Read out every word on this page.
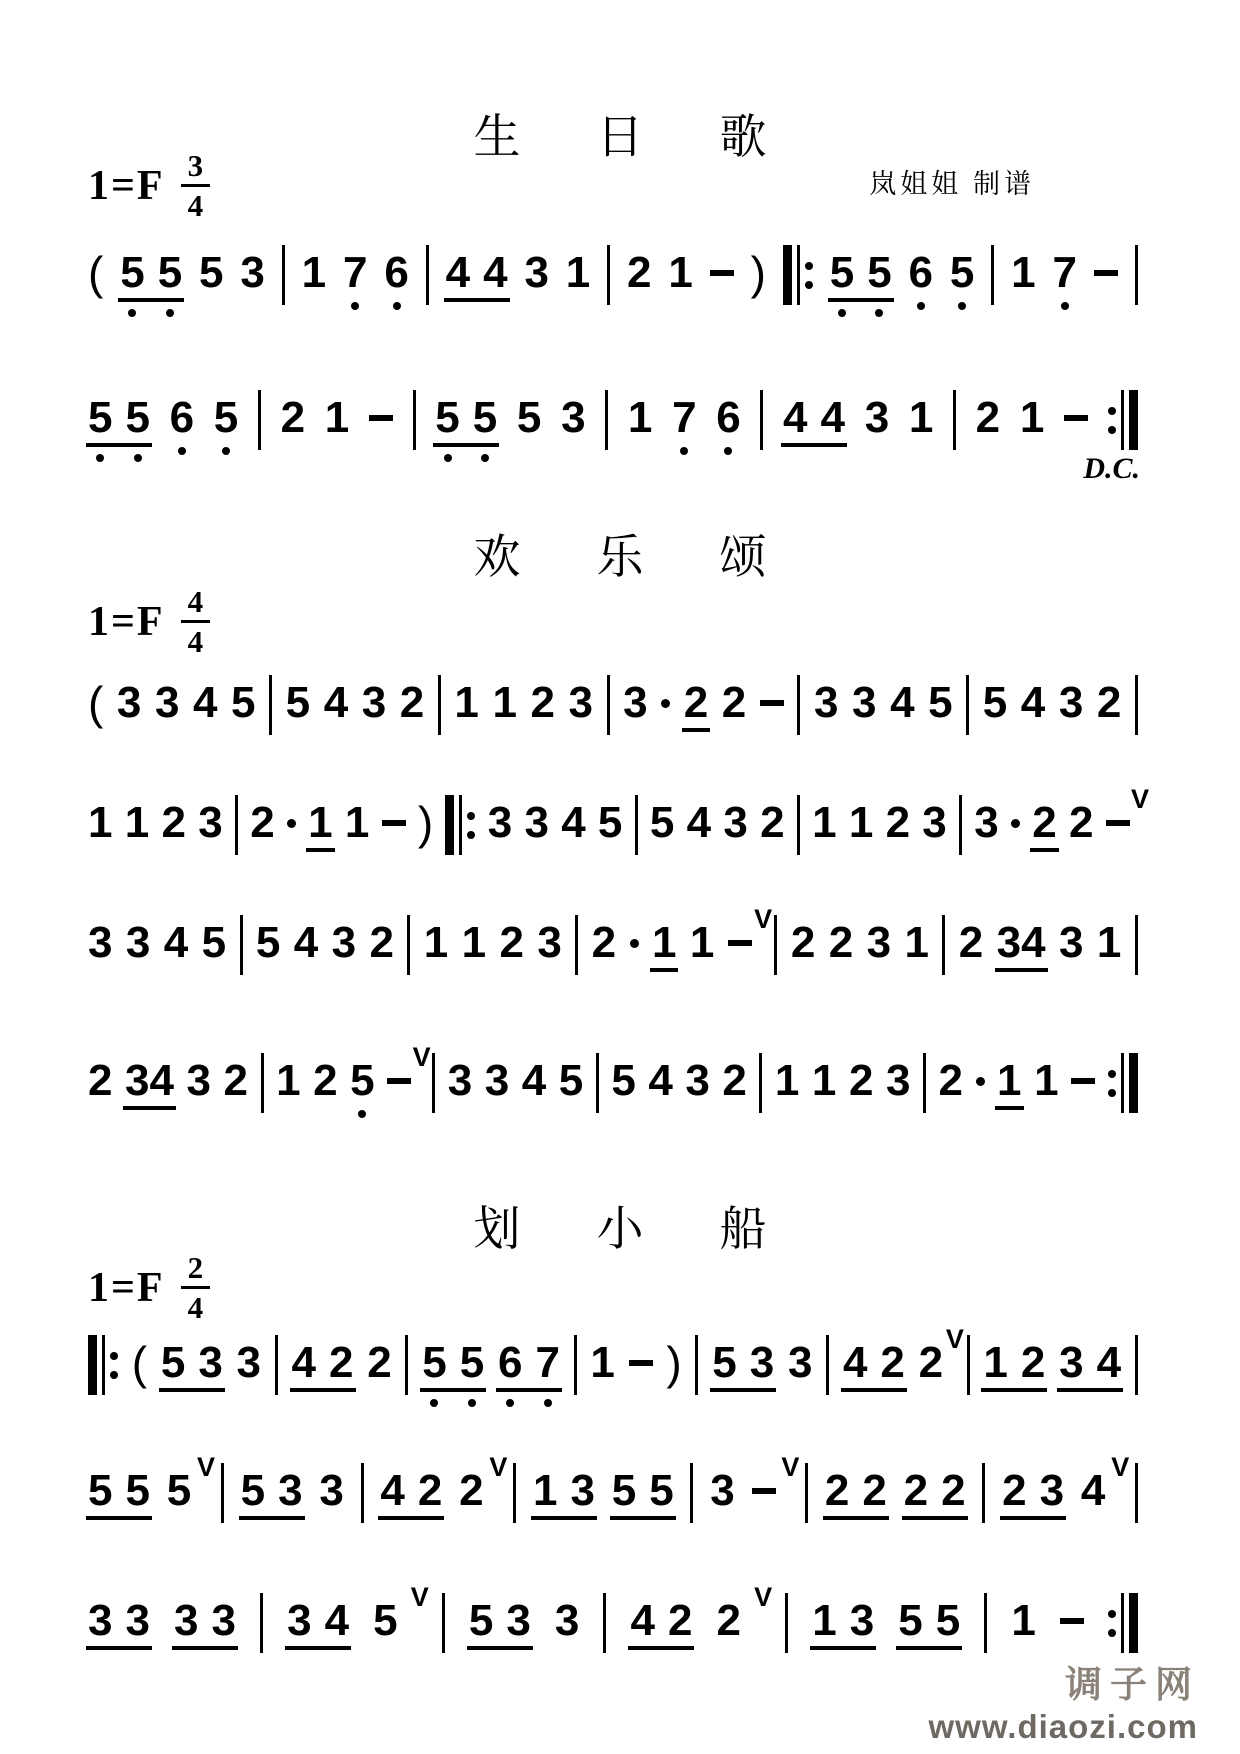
生日歌
$1=F \frac{3}{4}$	岚姐姐 制谱
( 5 5 5 3 1 7 6 4 4 3 1 2 1 ) 5 5 6 5 1 7
5 5 6 5 2 1 5 5 5 3 1 7 6 4 4 3 1 2 1
D.C.
欢乐颂
$1=F \frac{4}{4}$
( 3 3 4 5 5 4 3 2 1 1 2 3 3 2 2 3 3 4 5 5 4 3 2
1 1 2 3 2 1 1 ) 3 3 4 5 5 4 3 2 1 1 2 3 3 2 2 V
3 3 4 5 5 4 3 2 1 1 2 3 2 1 1 V 2 2 3 1 2 34 3 1
2 34 3 2 1 2 5 V 3 3 4 5 5 4 3 2 1 1 2 3 2 1 1
划小船
$1=F \frac{2}{4}$
( 5 3 3 4 2 2 5 5 6 7 1 ) 5 3 3 4 2 2 V 1 2 3 4
5 5 5 V 5 3 3 4 2 2 V 1 3 5 5 3 V 2 2 2 2 2 3 4 V
3 3 3 3 3 4 5 V 5 3 3 4 2 2 V 1 3 5 5 1
调子网
www.diaozi.com
